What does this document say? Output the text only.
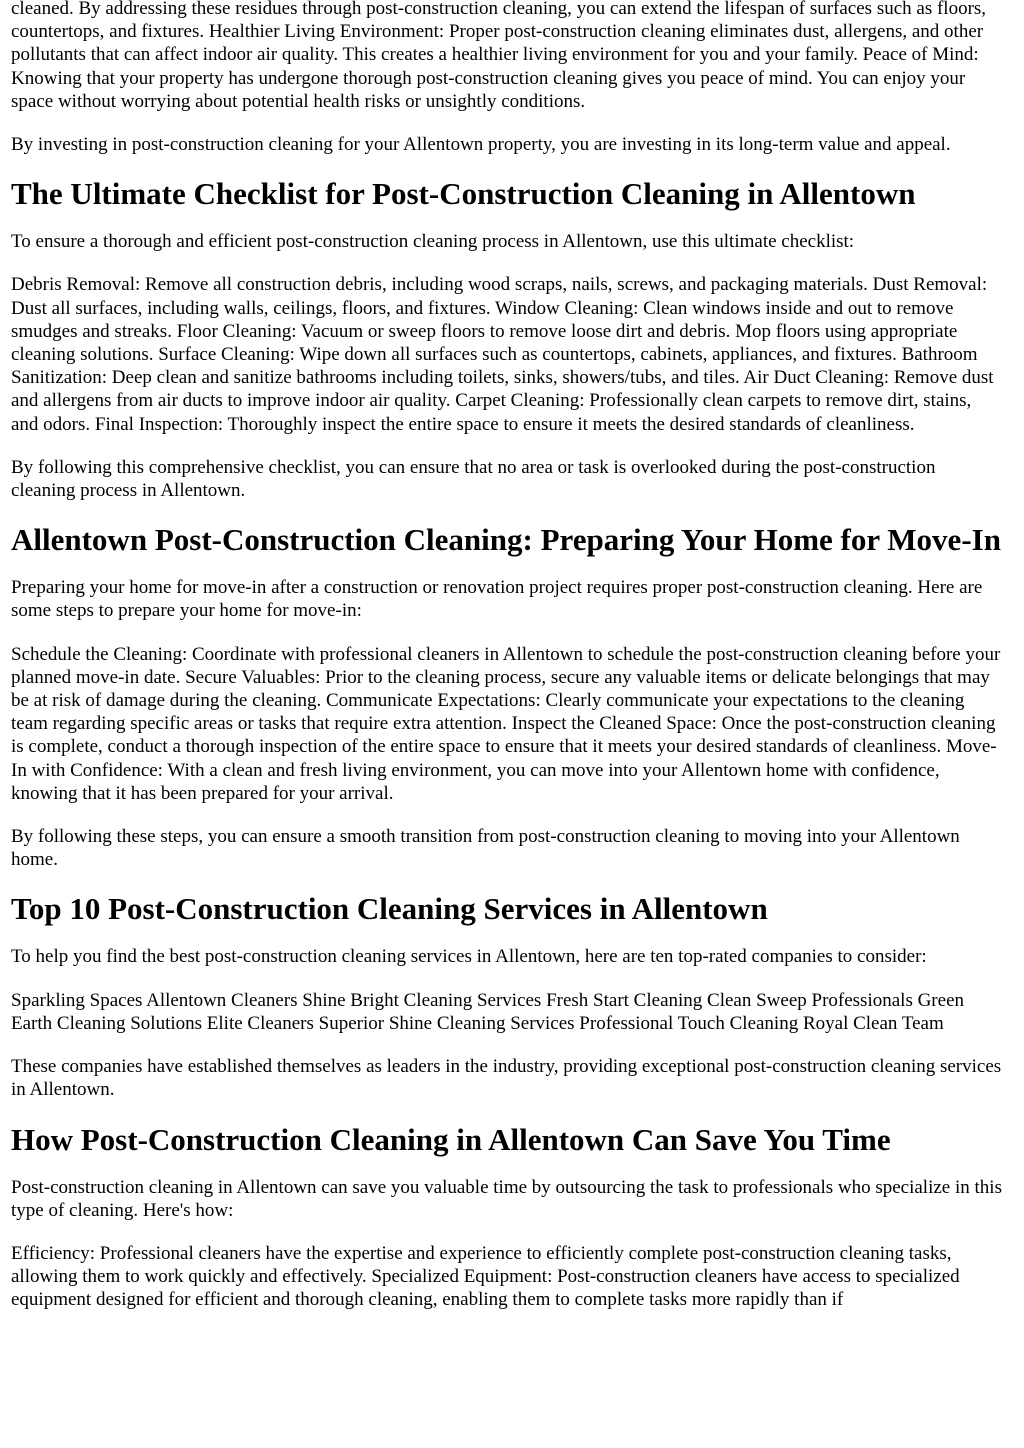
cleaned. By addressing these residues through post-construction cleaning, you can extend the lifespan of surfaces such as floors, countertops, and fixtures. Healthier Living Environment: Proper post-construction cleaning eliminates dust, allergens, and other pollutants that can affect indoor air quality. This creates a healthier living environment for you and your family. Peace of Mind: Knowing that your property has undergone thorough post-construction cleaning gives you peace of mind. You can enjoy your space without worrying about potential health risks or unsightly conditions.

By investing in post-construction cleaning for your Allentown property, you are investing in its long-term value and appeal.

The Ultimate Checklist for Post-Construction Cleaning in Allentown

To ensure a thorough and efficient post-construction cleaning process in Allentown, use this ultimate checklist:

Debris Removal: Remove all construction debris, including wood scraps, nails, screws, and packaging materials. Dust Removal: Dust all surfaces, including walls, ceilings, floors, and fixtures. Window Cleaning: Clean windows inside and out to remove smudges and streaks. Floor Cleaning: Vacuum or sweep floors to remove loose dirt and debris. Mop floors using appropriate cleaning solutions. Surface Cleaning: Wipe down all surfaces such as countertops, cabinets, appliances, and fixtures. Bathroom Sanitization: Deep clean and sanitize bathrooms including toilets, sinks, showers/tubs, and tiles. Air Duct Cleaning: Remove dust and allergens from air ducts to improve indoor air quality. Carpet Cleaning: Professionally clean carpets to remove dirt, stains, and odors. Final Inspection: Thoroughly inspect the entire space to ensure it meets the desired standards of cleanliness.

By following this comprehensive checklist, you can ensure that no area or task is overlooked during the post-construction cleaning process in Allentown.

Allentown Post-Construction Cleaning: Preparing Your Home for Move-In

Preparing your home for move-in after a construction or renovation project requires proper post-construction cleaning. Here are some steps to prepare your home for move-in:

Schedule the Cleaning: Coordinate with professional cleaners in Allentown to schedule the post-construction cleaning before your planned move-in date. Secure Valuables: Prior to the cleaning process, secure any valuable items or delicate belongings that may be at risk of damage during the cleaning. Communicate Expectations: Clearly communicate your expectations to the cleaning team regarding specific areas or tasks that require extra attention. Inspect the Cleaned Space: Once the post-construction cleaning is complete, conduct a thorough inspection of the entire space to ensure that it meets your desired standards of cleanliness. Move-In with Confidence: With a clean and fresh living environment, you can move into your Allentown home with confidence, knowing that it has been prepared for your arrival.

By following these steps, you can ensure a smooth transition from post-construction cleaning to moving into your Allentown home.

Top 10 Post-Construction Cleaning Services in Allentown

To help you find the best post-construction cleaning services in Allentown, here are ten top-rated companies to consider:

Sparkling Spaces Allentown Cleaners Shine Bright Cleaning Services Fresh Start Cleaning Clean Sweep Professionals Green Earth Cleaning Solutions Elite Cleaners Superior Shine Cleaning Services Professional Touch Cleaning Royal Clean Team

These companies have established themselves as leaders in the industry, providing exceptional post-construction cleaning services in Allentown.

How Post-Construction Cleaning in Allentown Can Save You Time

Post-construction cleaning in Allentown can save you valuable time by outsourcing the task to professionals who specialize in this type of cleaning. Here's how:

Efficiency: Professional cleaners have the expertise and experience to efficiently complete post-construction cleaning tasks, allowing them to work quickly and effectively. Specialized Equipment: Post-construction cleaners have access to specialized equipment designed for efficient and thorough cleaning, enabling them to complete tasks more rapidly than if
